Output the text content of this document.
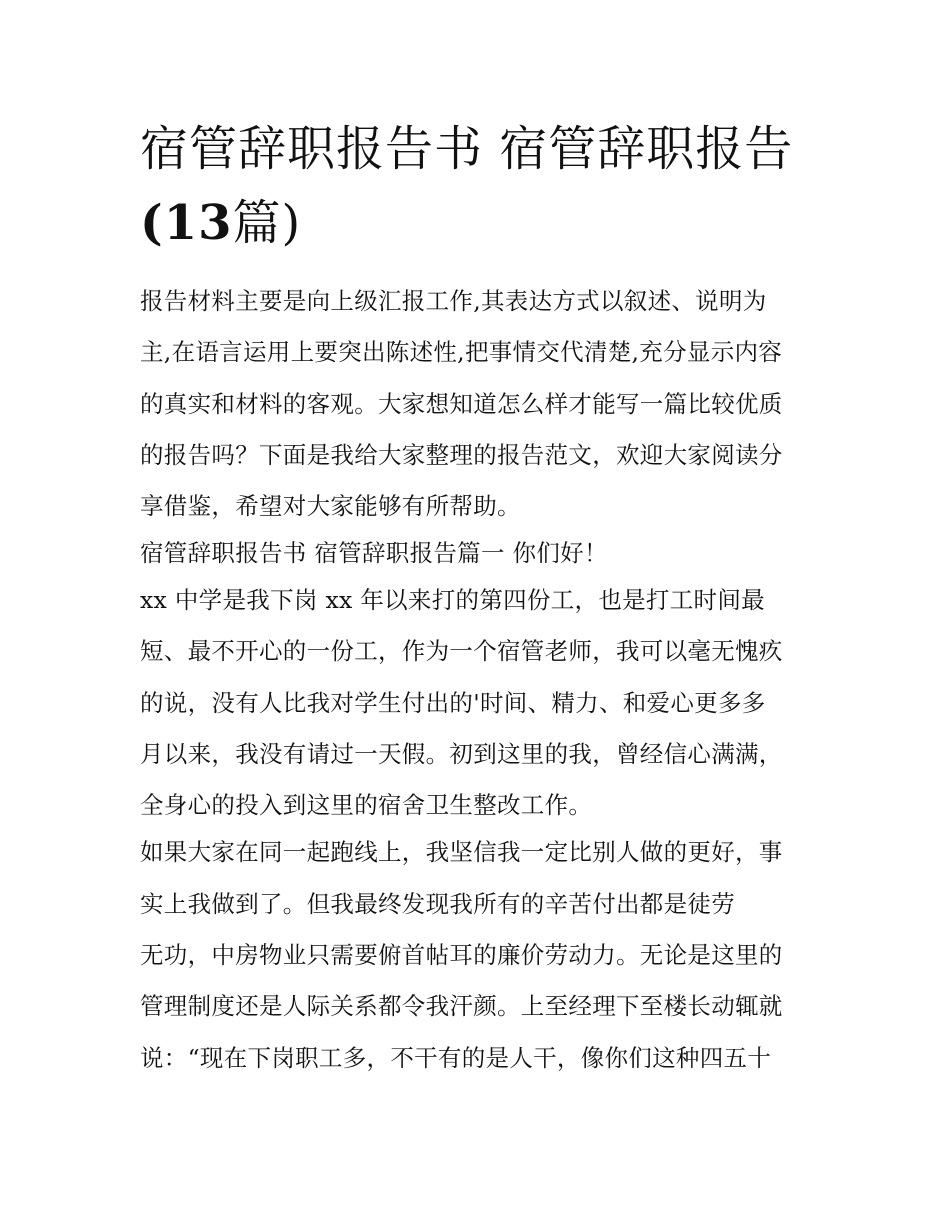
宿管辞职报告书 宿管辞职报告
(13篇)
报告材料主要是向上级汇报工作,其表达方式以叙述、说明为
主,在语言运用上要突出陈述性,把事情交代清楚,充分显示内容
的真实和材料的客观。大家想知道怎么样才能写一篇比较优质
的报告吗？下面是我给大家整理的报告范文，欢迎大家阅读分
享借鉴，希望对大家能够有所帮助。
宿管辞职报告书 宿管辞职报告篇一 你们好！
xx 中学是我下岗 xx 年以来打的第四份工，也是打工时间最
短、最不开心的一份工，作为一个宿管老师，我可以毫无愧疚
的说，没有人比我对学生付出的'时间、精力、和爱心更多多
月以来，我没有请过一天假。初到这里的我，曾经信心满满，
全身心的投入到这里的宿舍卫生整改工作。
如果大家在同一起跑线上，我坚信我一定比别人做的更好，事
实上我做到了。但我最终发现我所有的辛苦付出都是徒劳
无功，中房物业只需要俯首帖耳的廉价劳动力。无论是这里的
管理制度还是人际关系都令我汗颜。上至经理下至楼长动辄就
说：“现在下岗职工多，不干有的是人干，像你们这种四五十
